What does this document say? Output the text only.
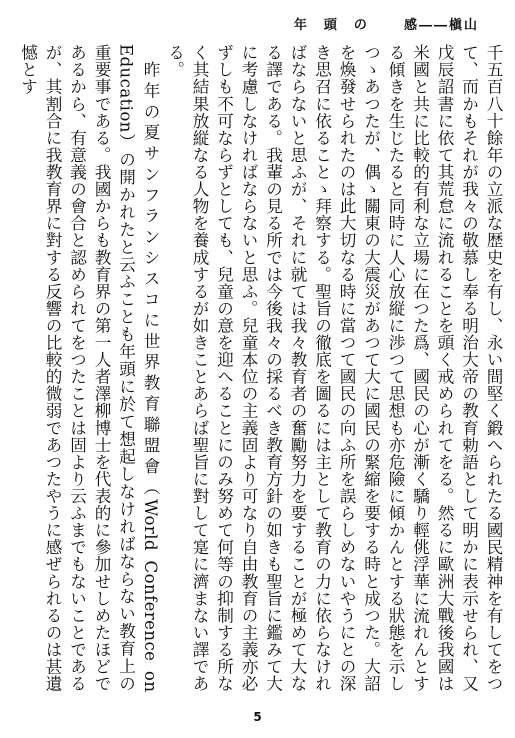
感――槇山  年　頭　の

千五百八十餘年の立派な歴史を有し、永い間堅く鍛へられたる國民精神を有してをつて、而かもそれが我々の敬慕し奉る明治大帝の教育勅語として明かに表示せられ、又戊辰詔書に依て其荒怠に流れることを頭く戒められてをる。然るに歐洲大戰後我國は米國と共に比較的有利な立場に在つた爲、國民の心が漸く驕り輕佻浮華に流れんとする傾きを生じたると同時に人心放縦に渉つて思想も亦危險に傾かんとする狀態を示しつゝあつたが、偶ゝ關東の大震災があつて大に國民の緊縮を要する時と成つた。大詔を煥發せられたのは此大切なる時に當つて國民の向ふ所を誤らしめないやうにとの深き思召に依ることゝ拜察する。聖旨の徹底を圖るには主として教育の力に依らなければならないと思ふが、それに就ては我々教育者の奮勵努力を要することが極めて大なる譯である。我輩の見る所では今後我々の採るべき教育方針の如きも聖旨に鑑みて大に考慮しなければならないと思ふ。兒童本位の主義固より可なり自由教育の主義亦必ずしも不可ならずとしても、兒童の意を迎へることにのみ努めて何等の抑制する所なく其結果放縦なる人物を養成するが如きことあらば聖旨に對して寔に濟まない譯である。

昨年の夏サンフランシスコに世界教育聯盟會（World Conference on Education）の開かれたと云ふことも年頭に於て想起しなければならない教育上の重要事である。我國からも教育界の第一人者澤柳博士を代表的に參加せしめたほどであるから、有意義の會合と認められてをつたことは固より云ふまでもないことであるが、其割合に我教育界に對する反響の比較的微弱であつたやうに感ぜられるのは甚遺憾とす

5
